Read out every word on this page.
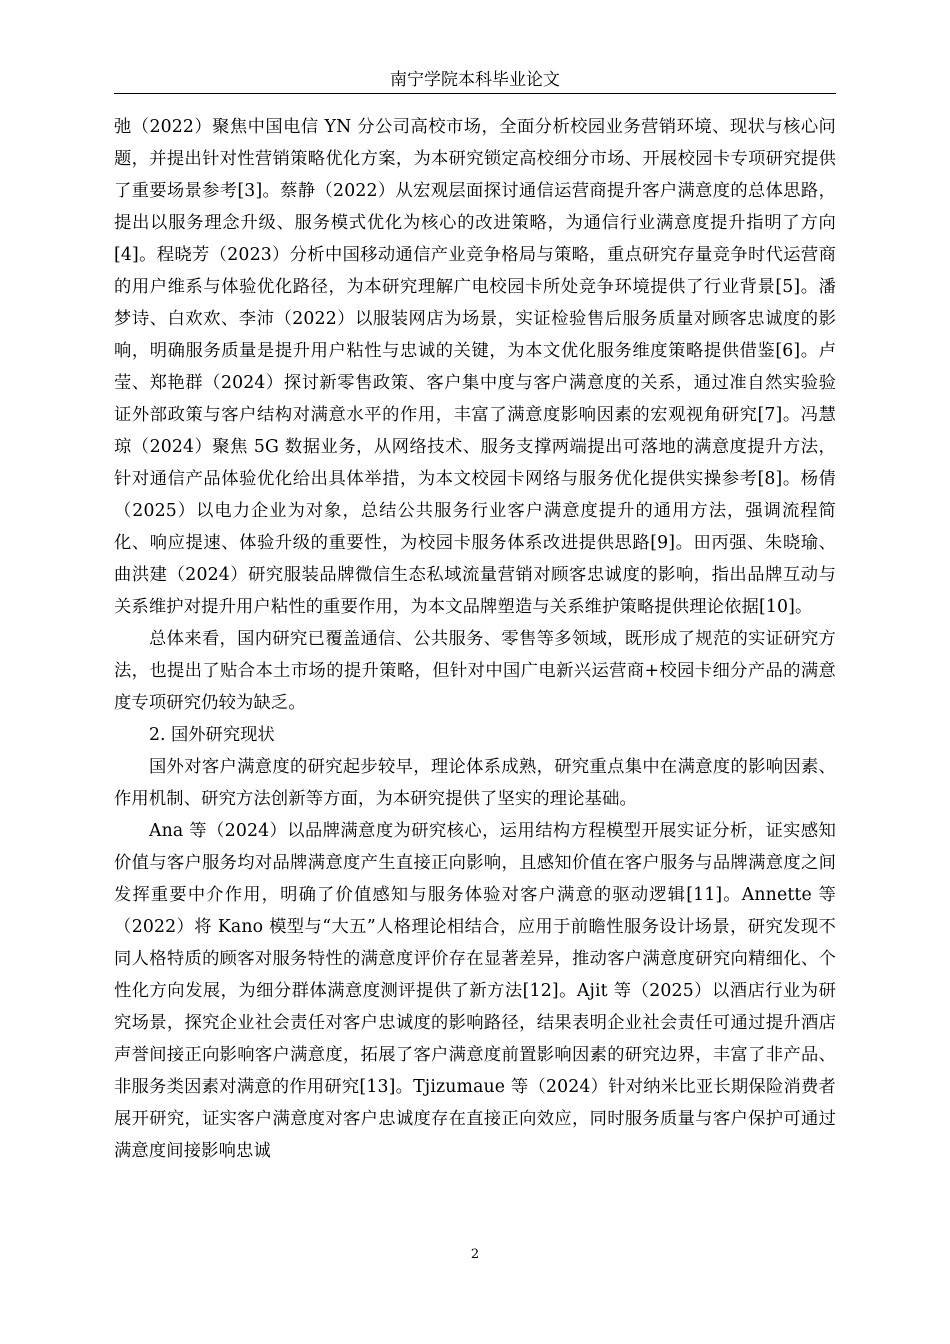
南宁学院本科毕业论文
弛（2022）聚焦中国电信 YN 分公司高校市场，全面分析校园业务营销环境、现状与核心问题，并提出针对性营销策略优化方案，为本研究锁定高校细分市场、开展校园卡专项研究提供了重要场景参考[3]。蔡静（2022）从宏观层面探讨通信运营商提升客户满意度的总体思路，提出以服务理念升级、服务模式优化为核心的改进策略，为通信行业满意度提升指明了方向[4]。程晓芳（2023）分析中国移动通信产业竞争格局与策略，重点研究存量竞争时代运营商的用户维系与体验优化路径，为本研究理解广电校园卡所处竞争环境提供了行业背景[5]。潘梦诗、白欢欢、李沛（2022）以服装网店为场景，实证检验售后服务质量对顾客忠诚度的影响，明确服务质量是提升用户粘性与忠诚的关键，为本文优化服务维度策略提供借鉴[6]。卢莹、郑艳群（2024）探讨新零售政策、客户集中度与客户满意度的关系，通过准自然实验验证外部政策与客户结构对满意水平的作用，丰富了满意度影响因素的宏观视角研究[7]。冯慧琼（2024）聚焦 5G 数据业务，从网络技术、服务支撑两端提出可落地的满意度提升方法，针对通信产品体验优化给出具体举措，为本文校园卡网络与服务优化提供实操参考[8]。杨倩（2025）以电力企业为对象，总结公共服务行业客户满意度提升的通用方法，强调流程简化、响应提速、体验升级的重要性，为校园卡服务体系改进提供思路[9]。田丙强、朱晓瑜、曲洪建（2024）研究服装品牌微信生态私域流量营销对顾客忠诚度的影响，指出品牌互动与关系维护对提升用户粘性的重要作用，为本文品牌塑造与关系维护策略提供理论依据[10]。
总体来看，国内研究已覆盖通信、公共服务、零售等多领域，既形成了规范的实证研究方法，也提出了贴合本土市场的提升策略，但针对中国广电新兴运营商+校园卡细分产品的满意度专项研究仍较为缺乏。
2. 国外研究现状
国外对客户满意度的研究起步较早，理论体系成熟，研究重点集中在满意度的影响因素、作用机制、研究方法创新等方面，为本研究提供了坚实的理论基础。
Ana 等（2024）以品牌满意度为研究核心，运用结构方程模型开展实证分析，证实感知价值与客户服务均对品牌满意度产生直接正向影响，且感知价值在客户服务与品牌满意度之间发挥重要中介作用，明确了价值感知与服务体验对客户满意的驱动逻辑[11]。Annette 等（2022）将 Kano 模型与“大五”人格理论相结合，应用于前瞻性服务设计场景，研究发现不同人格特质的顾客对服务特性的满意度评价存在显著差异，推动客户满意度研究向精细化、个性化方向发展，为细分群体满意度测评提供了新方法[12]。Ajit 等（2025）以酒店行业为研究场景，探究企业社会责任对客户忠诚度的影响路径，结果表明企业社会责任可通过提升酒店声誉间接正向影响客户满意度，拓展了客户满意度前置影响因素的研究边界，丰富了非产品、非服务类因素对满意的作用研究[13]。Tjizumaue 等（2024）针对纳米比亚长期保险消费者展开研究，证实客户满意度对客户忠诚度存在直接正向效应，同时服务质量与客户保护可通过满意度间接影响忠诚
2
